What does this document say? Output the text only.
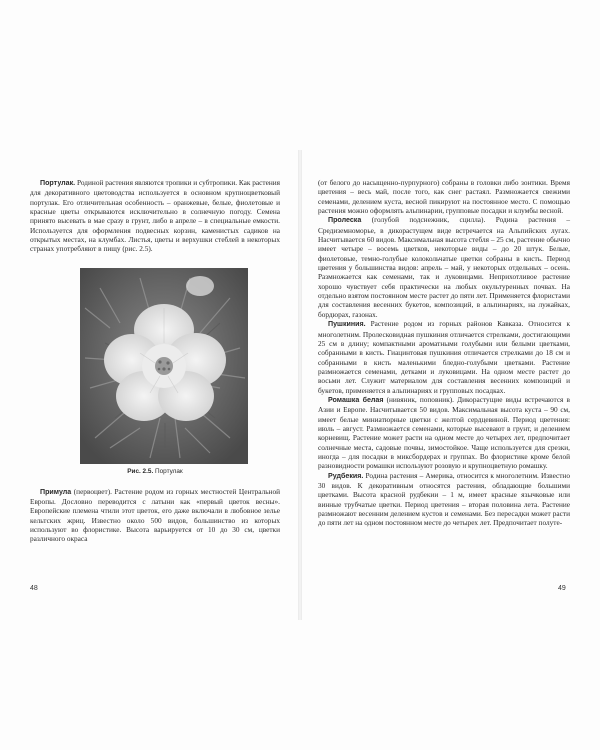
Портулак. Родиной растения являются тропики и субтропики. Как растения для декоративного цветоводства используется в основном крупноцветковый портулак. Его отличительная особенность – оранжевые, белые, фиолетовые и красные цветы открываются исключительно в солнечную погоду. Семена принято высевать в мае сразу в грунт, либо в апреле – в специальные емкости. Используется для оформления подвесных корзин, каменистых садиков на открытых местах, на клумбах. Листья, цветы и верхушки стеблей в некоторых странах употребляют в пищу (рис. 2.5).

Рис. 2.5. Портулак

Примула (первоцвет). Растение родом из горных местностей Центральной Европы. Дословно переводится с латыни как «первый цветок весны». Европейские племена чтили этот цветок, его даже включали в любовное зелье кельтских жриц. Известно около 500 видов, большинство из которых используют во флористике. Высота варьируется от 10 до 30 см, цветки различного окраса

(от белого до насыщенно-пурпурного) собраны в головки либо зонтики. Время цветения – весь май, после того, как снег растаял. Размножается свежими семенами, делением куста, весной пикируют на постоянное место. С помощью растения можно оформлять альпинарии, групповые посадки и клумбы весной.

Пролеска (голубой подснежник, сцилла). Родина растения – Средиземноморье, в дикорастущем виде встречается на Альпийских лугах. Насчитывается 60 видов. Максимальная высота стебля – 25 см, растение обычно имеет четыре – восемь цветков, некоторые виды – до 20 штук. Белые, фиолетовые, темно-голубые колокольчатые цветки собраны в кисть. Период цветения у большинства видов: апрель – май, у некоторых отдельных – осень. Размножается как семенами, так и луковицами. Неприхотливое растение хорошо чувствует себя практически на любых окультуренных почвах. На отдельно взятом постоянном месте растет до пяти лет. Применяется флористами для составления весенних букетов, композиций, в альпинариях, на лужайках, бордюрах, газонах.

Пушкиния. Растение родом из горных районов Кавказа. Относится к многолетним. Пролесковидная пушкиния отличается стрелками, достигающими 25 см в длину; компактными ароматными голубыми или белыми цветками, собранными в кисть. Гиацинтовая пушкиния отличается стрелками до 18 см и собранными в кисть маленькими бледно-голубыми цветками. Растение размножается семенами, детками и луковицами. На одном месте растет до восьми лет. Служит материалом для составления весенних композиций и букетов, применяется в альпинариях и групповых посадках.

Ромашка белая (нивяник, поповник). Дикорастущие виды встречаются в Азии и Европе. Насчитывается 50 видов. Максимальная высота куста – 90 см, имеет белые миниатюрные цветки с желтой сердцевиной. Период цветения: июль – август. Размножается семенами, которые высевают в грунт, и делением корневищ. Растение может расти на одном месте до четырех лет, предпочитает солнечные места, садовые почвы, зимостойкое. Чаще используется для срезки, иногда – для посадки в миксбордерах и группах. Во флористике кроме белой разновидности ромашки используют розовую и крупноцветную ромашку.

Рудбекия. Родина растения – Америка, относится к многолетним. Известно 30 видов. К декоративным относятся растения, обладающие большими цветками. Высота красной рудбекии – 1 м, имеет красные язычковые или винные трубчатые цветки. Период цветения – вторая половина лета. Растение размножают весенним делением кустов и семенами. Без пересадки может расти до пяти лет на одном постоянном месте до четырех лет. Предпочитает полуте-

48	49
